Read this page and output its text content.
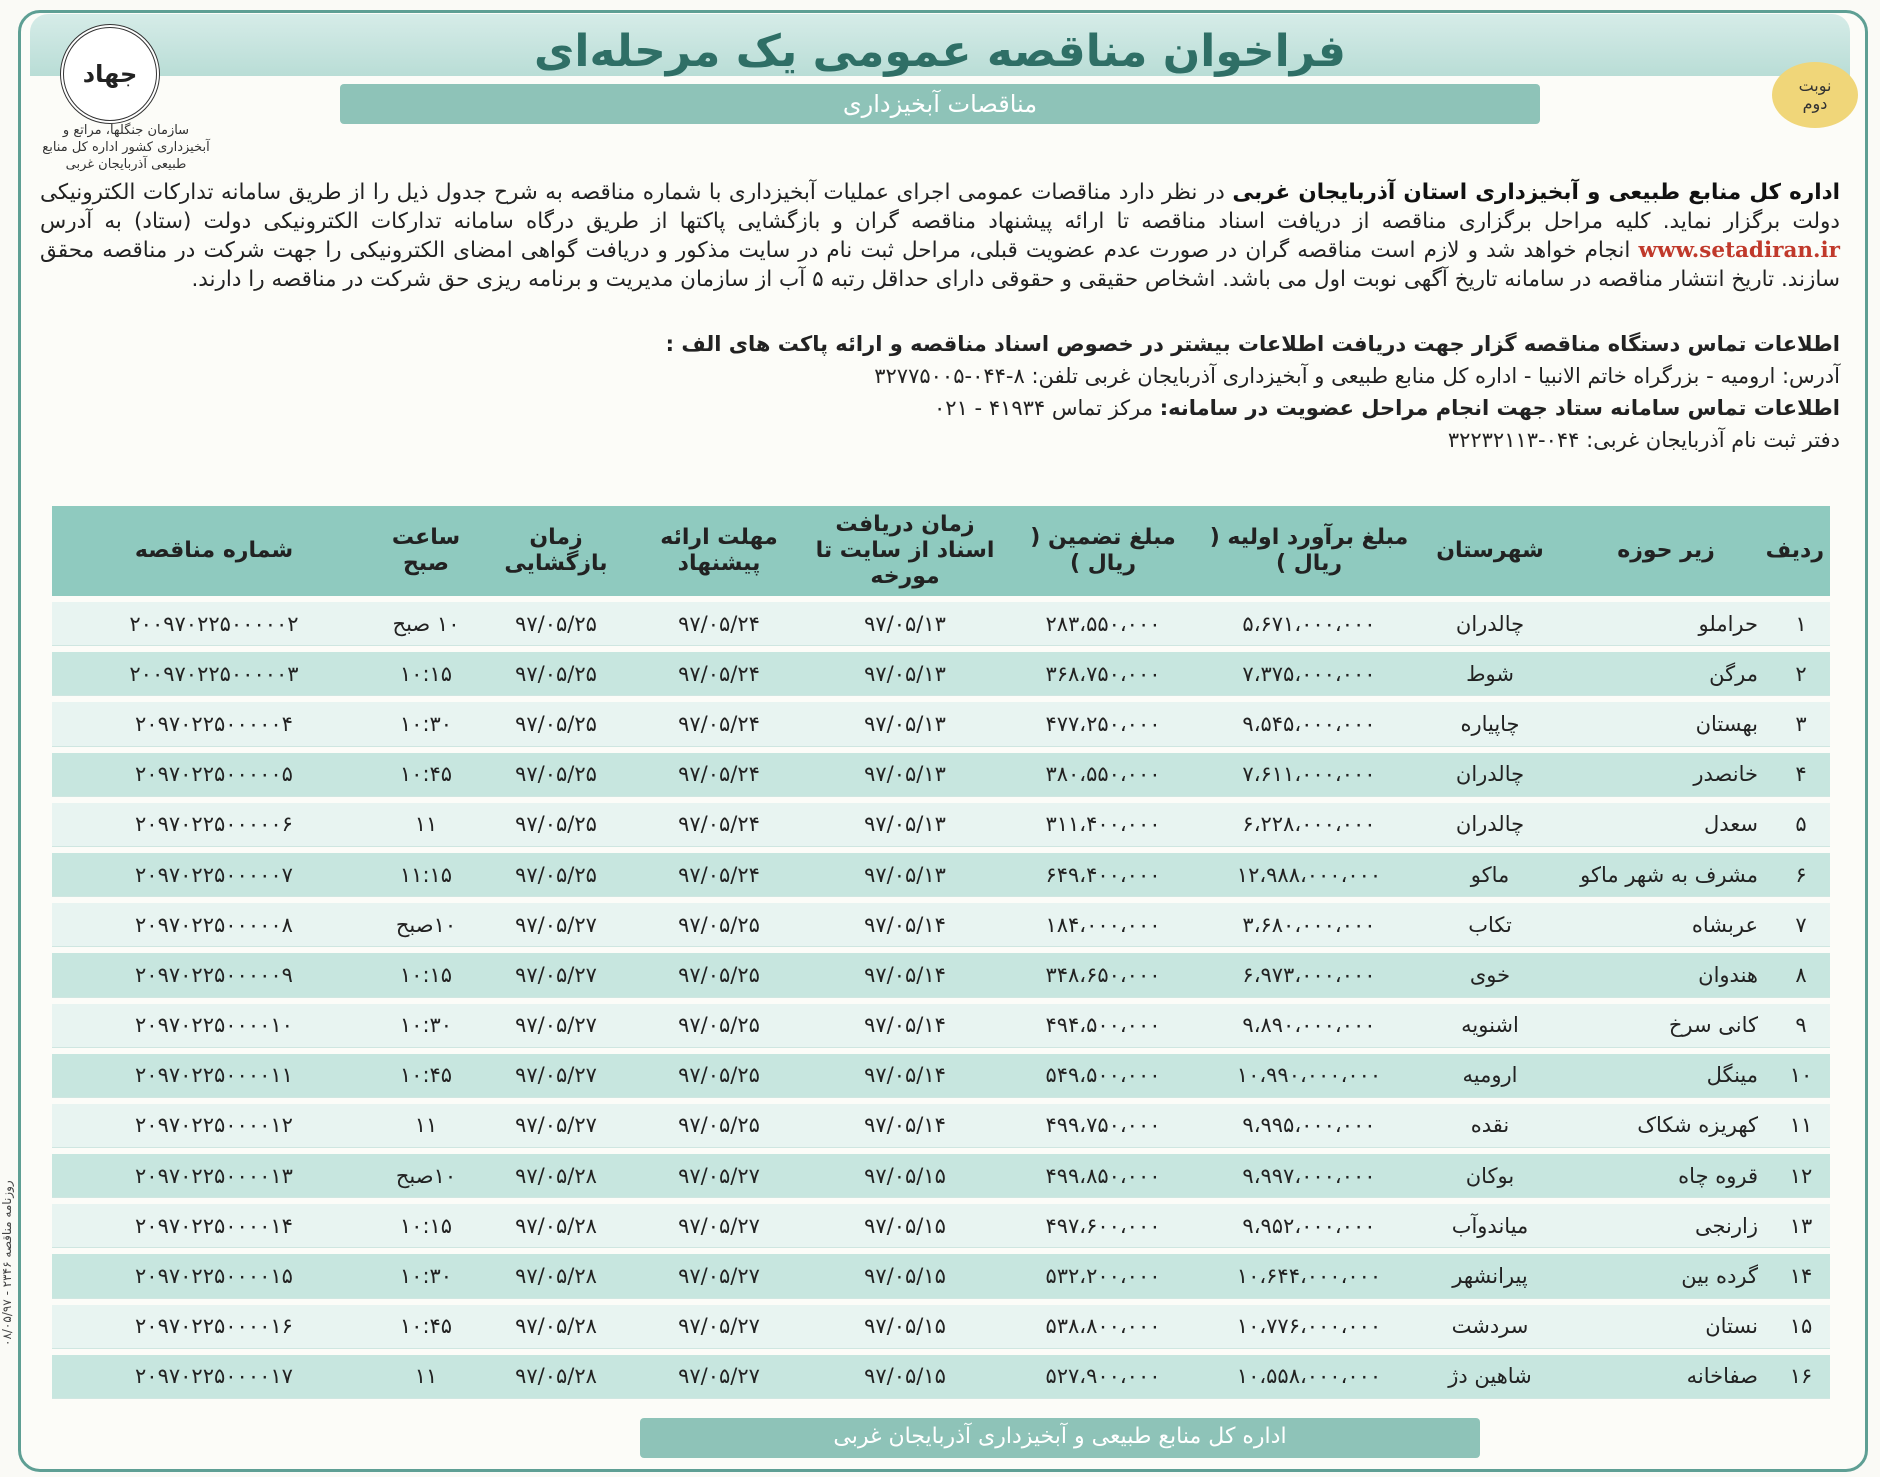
فراخوان مناقصه عمومی یک مرحله‌ای
مناقصات آبخیزداری
جهاد
سازمان جنگلها، مراتع و آبخیزداری کشور اداره کل منابع طبیعی آذربایجان غربی
نوبت
دوم
اداره کل منابع طبیعی و آبخیزداری استان آذربایجان غربی در نظر دارد مناقصات عمومی اجرای عملیات آبخیزداری با شماره مناقصه به شرح جدول ذیل را از طریق سامانه تدارکات الکترونیکی دولت برگزار نماید. کلیه مراحل برگزاری مناقصه از دریافت اسناد مناقصه تا ارائه پیشنهاد مناقصه گران و بازگشایی پاکتها از طریق درگاه سامانه تدارکات الکترونیکی دولت (ستاد) به آدرس www.setadiran.ir انجام خواهد شد و لازم است مناقصه گران در صورت عدم عضویت قبلی، مراحل ثبت نام در سایت مذکور و دریافت گواهی امضای الکترونیکی را جهت شرکت در مناقصه محقق سازند. تاریخ انتشار مناقصه در سامانه تاریخ آگهی نوبت اول می باشد. اشخاص حقیقی و حقوقی دارای حداقل رتبه ۵ آب از سازمان مدیریت و برنامه ریزی حق شرکت در مناقصه را دارند.
اطلاعات تماس دستگاه مناقصه گزار جهت دریافت اطلاعات بیشتر در خصوص اسناد مناقصه و ارائه پاکت های الف :
آدرس: ارومیه - بزرگراه خاتم الانبیا - اداره کل منابع طبیعی و آبخیزداری آذربایجان غربی تلفن: ۸-۰۴۴-۳۲۷۷۵۰۰۵
اطلاعات تماس سامانه ستاد جهت انجام مراحل عضویت در سامانه: مرکز تماس ۴۱۹۳۴ - ۰۲۱
دفتر ثبت نام آذربایجان غربی: ۰۴۴-۳۲۲۳۲۱۱۳
ردیف	زیر حوزه	شهرستان	مبلغ برآورد اولیه ( ریال )	مبلغ تضمین ( ریال )	زمان دریافت اسناد از سایت تا مورخه	مهلت ارائه پیشنهاد	زمان بازگشایی	ساعت صبح	شماره مناقصه
۱	حراملو	چالدران	۵،۶۷۱،۰۰۰،۰۰۰	۲۸۳،۵۵۰،۰۰۰	۹۷/۰۵/۱۳	۹۷/۰۵/۲۴	۹۷/۰۵/۲۵	۱۰ صبح	۲۰۰۹۷۰۲۲۵۰۰۰۰۰۲
۲	مرگن	شوط	۷،۳۷۵،۰۰۰،۰۰۰	۳۶۸،۷۵۰،۰۰۰	۹۷/۰۵/۱۳	۹۷/۰۵/۲۴	۹۷/۰۵/۲۵	۱۰:۱۵	۲۰۰۹۷۰۲۲۵۰۰۰۰۰۳
۳	بهستان	چاپیاره	۹،۵۴۵،۰۰۰،۰۰۰	۴۷۷،۲۵۰،۰۰۰	۹۷/۰۵/۱۳	۹۷/۰۵/۲۴	۹۷/۰۵/۲۵	۱۰:۳۰	۲۰۹۷۰۲۲۵۰۰۰۰۰۴
۴	خانصدر	چالدران	۷،۶۱۱،۰۰۰،۰۰۰	۳۸۰،۵۵۰،۰۰۰	۹۷/۰۵/۱۳	۹۷/۰۵/۲۴	۹۷/۰۵/۲۵	۱۰:۴۵	۲۰۹۷۰۲۲۵۰۰۰۰۰۵
۵	سعدل	چالدران	۶،۲۲۸،۰۰۰،۰۰۰	۳۱۱،۴۰۰،۰۰۰	۹۷/۰۵/۱۳	۹۷/۰۵/۲۴	۹۷/۰۵/۲۵	۱۱	۲۰۹۷۰۲۲۵۰۰۰۰۰۶
۶	مشرف به شهر ماکو	ماکو	۱۲،۹۸۸،۰۰۰،۰۰۰	۶۴۹،۴۰۰،۰۰۰	۹۷/۰۵/۱۳	۹۷/۰۵/۲۴	۹۷/۰۵/۲۵	۱۱:۱۵	۲۰۹۷۰۲۲۵۰۰۰۰۰۷
۷	عربشاه	تکاب	۳،۶۸۰،۰۰۰،۰۰۰	۱۸۴،۰۰۰،۰۰۰	۹۷/۰۵/۱۴	۹۷/۰۵/۲۵	۹۷/۰۵/۲۷	۱۰صبح	۲۰۹۷۰۲۲۵۰۰۰۰۰۸
۸	هندوان	خوی	۶،۹۷۳،۰۰۰،۰۰۰	۳۴۸،۶۵۰،۰۰۰	۹۷/۰۵/۱۴	۹۷/۰۵/۲۵	۹۷/۰۵/۲۷	۱۰:۱۵	۲۰۹۷۰۲۲۵۰۰۰۰۰۹
۹	کانی سرخ	اشنویه	۹،۸۹۰،۰۰۰،۰۰۰	۴۹۴،۵۰۰،۰۰۰	۹۷/۰۵/۱۴	۹۷/۰۵/۲۵	۹۷/۰۵/۲۷	۱۰:۳۰	۲۰۹۷۰۲۲۵۰۰۰۰۱۰
۱۰	مینگل	ارومیه	۱۰،۹۹۰،۰۰۰،۰۰۰	۵۴۹،۵۰۰،۰۰۰	۹۷/۰۵/۱۴	۹۷/۰۵/۲۵	۹۷/۰۵/۲۷	۱۰:۴۵	۲۰۹۷۰۲۲۵۰۰۰۰۱۱
۱۱	کهریزه شکاک	نقده	۹،۹۹۵،۰۰۰،۰۰۰	۴۹۹،۷۵۰،۰۰۰	۹۷/۰۵/۱۴	۹۷/۰۵/۲۵	۹۷/۰۵/۲۷	۱۱	۲۰۹۷۰۲۲۵۰۰۰۰۱۲
۱۲	قروه چاه	بوکان	۹،۹۹۷،۰۰۰،۰۰۰	۴۹۹،۸۵۰،۰۰۰	۹۷/۰۵/۱۵	۹۷/۰۵/۲۷	۹۷/۰۵/۲۸	۱۰صبح	۲۰۹۷۰۲۲۵۰۰۰۰۱۳
۱۳	زارنجی	میاندوآب	۹،۹۵۲،۰۰۰،۰۰۰	۴۹۷،۶۰۰،۰۰۰	۹۷/۰۵/۱۵	۹۷/۰۵/۲۷	۹۷/۰۵/۲۸	۱۰:۱۵	۲۰۹۷۰۲۲۵۰۰۰۰۱۴
۱۴	گرده بین	پیرانشهر	۱۰،۶۴۴،۰۰۰،۰۰۰	۵۳۲،۲۰۰،۰۰۰	۹۷/۰۵/۱۵	۹۷/۰۵/۲۷	۹۷/۰۵/۲۸	۱۰:۳۰	۲۰۹۷۰۲۲۵۰۰۰۰۱۵
۱۵	نستان	سردشت	۱۰،۷۷۶،۰۰۰،۰۰۰	۵۳۸،۸۰۰،۰۰۰	۹۷/۰۵/۱۵	۹۷/۰۵/۲۷	۹۷/۰۵/۲۸	۱۰:۴۵	۲۰۹۷۰۲۲۵۰۰۰۰۱۶
۱۶	صفاخانه	شاهین دژ	۱۰،۵۵۸،۰۰۰،۰۰۰	۵۲۷،۹۰۰،۰۰۰	۹۷/۰۵/۱۵	۹۷/۰۵/۲۷	۹۷/۰۵/۲۸	۱۱	۲۰۹۷۰۲۲۵۰۰۰۰۱۷
اداره کل منابع طبیعی و آبخیزداری آذربایجان غربی
روزنامه مناقصه ۲۳۴۶ - ۰۸/۰۵/۹۷
